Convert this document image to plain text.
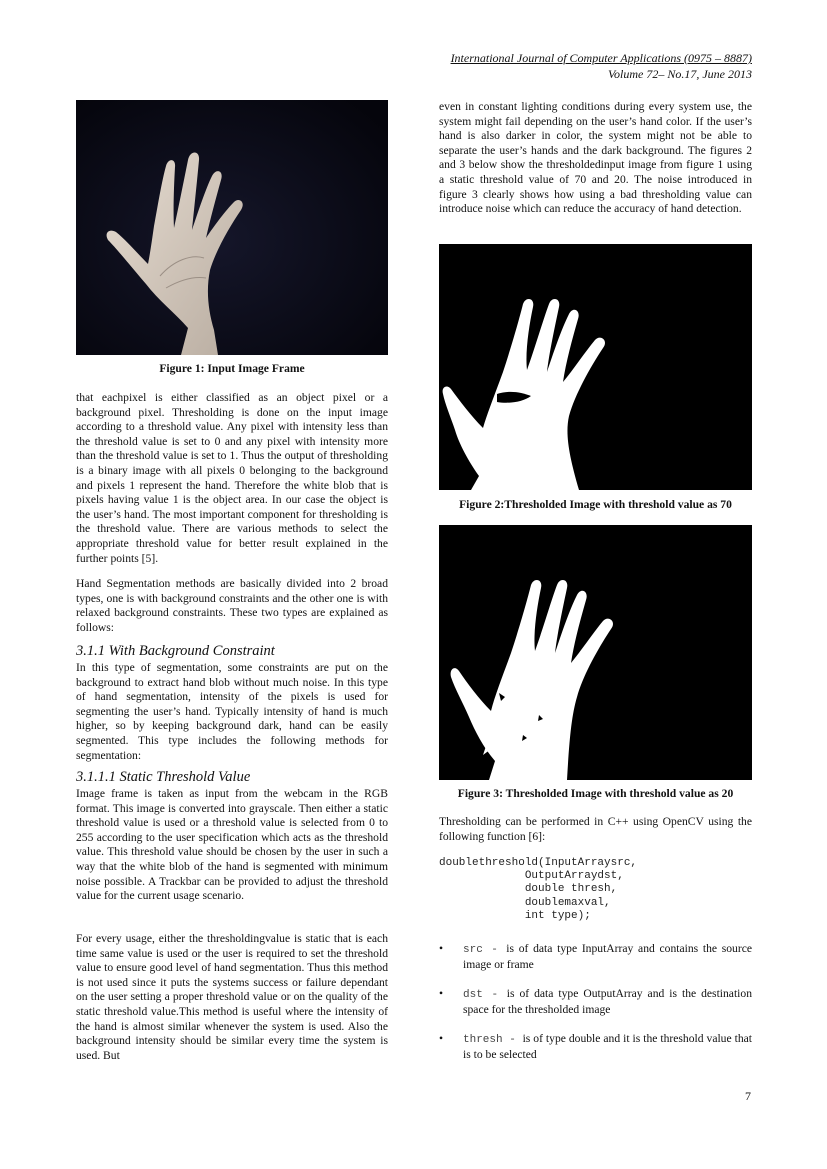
International Journal of Computer Applications (0975 – 8887)
Volume 72– No.17, June 2013
Figure 1: Input Image Frame
that eachpixel is either classified as an object pixel or a background pixel. Thresholding is done on the input image according to a threshold value. Any pixel with intensity less than the threshold value is set to 0 and any pixel with intensity more than the threshold value is set to 1. Thus the output of thresholding is a binary image with all pixels 0 belonging to the background and pixels 1 represent the hand. Therefore the white blob that is pixels having value 1 is the object area. In our case the object is the user’s hand. The most important component for thresholding is the threshold value. There are various methods to select the appropriate threshold value for better result explained in the further points [5].
Hand Segmentation methods are basically divided into 2 broad types, one is with background constraints and the other one is with relaxed background constraints. These two types are explained as follows:
3.1.1 With Background Constraint
In this type of segmentation, some constraints are put on the background to extract hand blob without much noise. In this type of hand segmentation, intensity of the pixels is used for segmenting the user’s hand. Typically intensity of hand is much higher, so by keeping background dark, hand can be easily segmented. This type includes the following methods for segmentation:
3.1.1.1 Static Threshold Value
Image frame is taken as input from the webcam in the RGB format. This image is converted into grayscale. Then either a static threshold value is used or a threshold value is selected from 0 to 255 according to the user specification which acts as the threshold value. This threshold value should be chosen by the user in such a way that the white blob of the hand is segmented with minimum noise possible. A Trackbar can be provided to adjust the threshold value for the current usage scenario.
For every usage, either the thresholdingvalue is static that is each time same value is used or the user is required to set the threshold value to ensure good level of hand segmentation. Thus this method is not used since it puts the systems success or failure dependant on the user setting a proper threshold value or on the quality of the static threshold value.This method is useful where the intensity of the hand is almost similar whenever the system is used. Also the background intensity should be similar every time the system is used. But
even in constant lighting conditions during every system use, the system might fail depending on the user’s hand color. If the user’s hand is also darker in color, the system might not be able to separate the user’s hands and the dark background. The figures 2 and 3 below show the thresholdedinput image from figure 1 using a static threshold value of 70 and 20. The noise introduced in figure 3 clearly shows how using a bad thresholding value can introduce noise which can reduce the accuracy of hand detection.
Figure 2:Thresholded Image with threshold value as 70
Figure 3: Thresholded Image with threshold value as 20
Thresholding can be performed in C++ using OpenCV using the following function [6]:
doublethreshold(InputArraysrc,
OutputArraydst,
double thresh,
doublemaxval,
int type);
• src - is of data type InputArray and contains the source image or frame
• dst - is of data type OutputArray and is the destination space for the thresholded image
• thresh - is of type double and it is the threshold value that is to be selected
7
